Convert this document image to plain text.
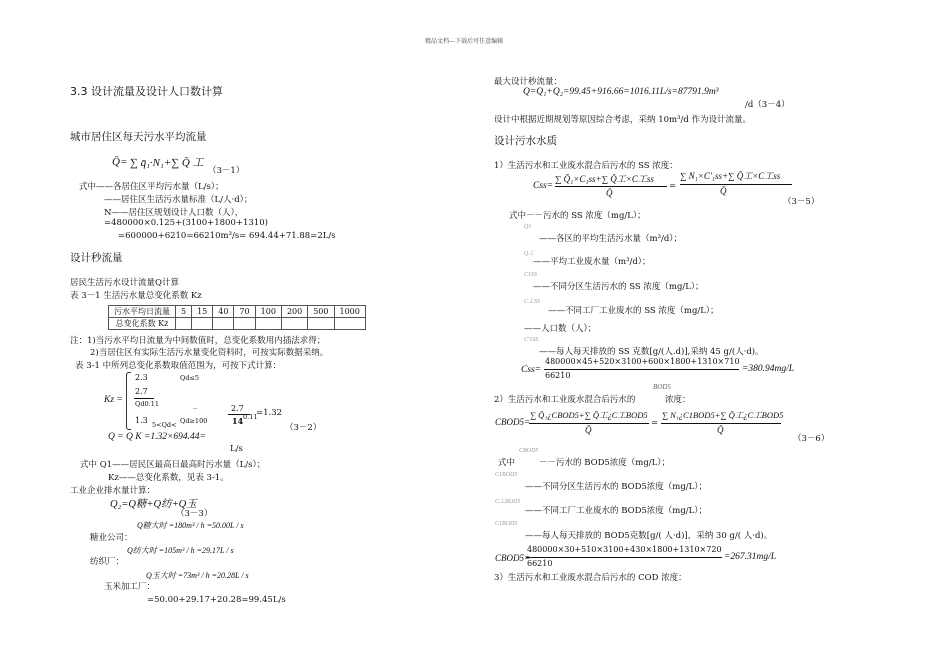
精品文档---下载后可任意编辑
3.3 设计流量及设计人口数计算
城市居住区每天污水平均流量
Q̄= ∑ q̄₁·N₁+∑ Q̄ 工
（3－1）
式中——各居住区平均污水量（L/s）；
——居住区生活污水量标准（L/人·d）；
N——居住区规划设计人口数（人），
=480000×0.125+(3100+1800+1310)
=600000+6210=66210m³/s= 694.44+71.88=2L/s
设计秒流量
居民生活污水设计流量Q计算
表 3－1 生活污水量总变化系数 Kz
污水平均日流量	5	15	40	70	100	200	500	1000
总变化系数 Kz								
注：1)当污水平均日流量为中间数值时，总变化系数用内插法求得；
2)当居住区有实际生活污水量变化资料时，可按实际数据采纳。
表 3-1 中所列总变化系数取值范围为，可按下式计算：
Kz =
2.3	Qd≤5
2.7
Qd0.11
1.3 5<Qd< Qd≥100
..	2.7
14 0.11
=1.32
（3－2）
Q = Q K =1.32×694.44=
L/s
式中 Q1——居民区最高日最高时污水量（L/s）；
Kz——总变化系数，见表 3-1。
工业企业排水量计算：
Q₂=Q糖+Q纺+Q玉
（3－3）
糖业公司：
Q糖大时 =180m³ / h =50.00L / s
纺织厂：
Q纺大时 =105m³ / h =29.17L / s
玉米加工厂：
Q玉大时 =73m³ / h =20.28L / s
=50.00+29.17+20.28=99.45L/s
最大设计秒流量：
Q=Q₁+Q₂=99.45+916.66=1016.11L/s=87791.9m³
/d（3－4）
设计中根据近期规划等原因综合考虑，采纳 10m³/d 作为设计流量。
设计污水水质
1）生活污水和工业废水混合后污水的 SS 浓度：
Css=
∑ Q̄₁×C₁ss+∑ Q̄工×C工ss
Q̄
=
∑ N₁×C′₁ss+∑ Q̄工×C工ss
Q̄
（3－5）
式中－－污水的 SS 浓度（mg/L）；
Q1
——各区的平均生活污水量（m³/d）；
Q工
——平均工业废水量（m³/d）；
C1SS
——不同分区生活污水的 SS 浓度（mg/L）；
C工SS
——不同工厂工业废水的 SS 浓度（mg/L）；
——人口数（人）；
C′1SS
——每人每天排放的 SS 克数[g/(人.d)],采纳 45 g/(人·d)。
Css=
480000×45+520×3100+600×1800+1310×710
66210
=380.94mg/L
2）生活污水和工业废水混合后污水的
BOD5
浓度：
CBOD5=
∑ Q̄₁¿CBOD5+∑ Q̄工¿C工BOD5
Q̄
=
∑ N₁¿C1BOD5+∑ Q̄工¿C工BOD5
Q̄
（3－6）
式中
CBOD5
－－污水的 BOD5浓度（mg/L）；
C1BOD5
——不同分区生活污水的 BOD5浓度（mg/L）；
C工BOD5
——不同工厂工业废水的 BOD5浓度（mg/L）；
C1BOD5
——每人每天排放的 BOD5克数[g/( 人·d)]，采纳 30 g/( 人·d)。
CBOD5=
480000×30+510×3100+430×1800+1310×720
66210
=267.31mg/L
3）生活污水和工业废水混合后污水的 COD 浓度：
